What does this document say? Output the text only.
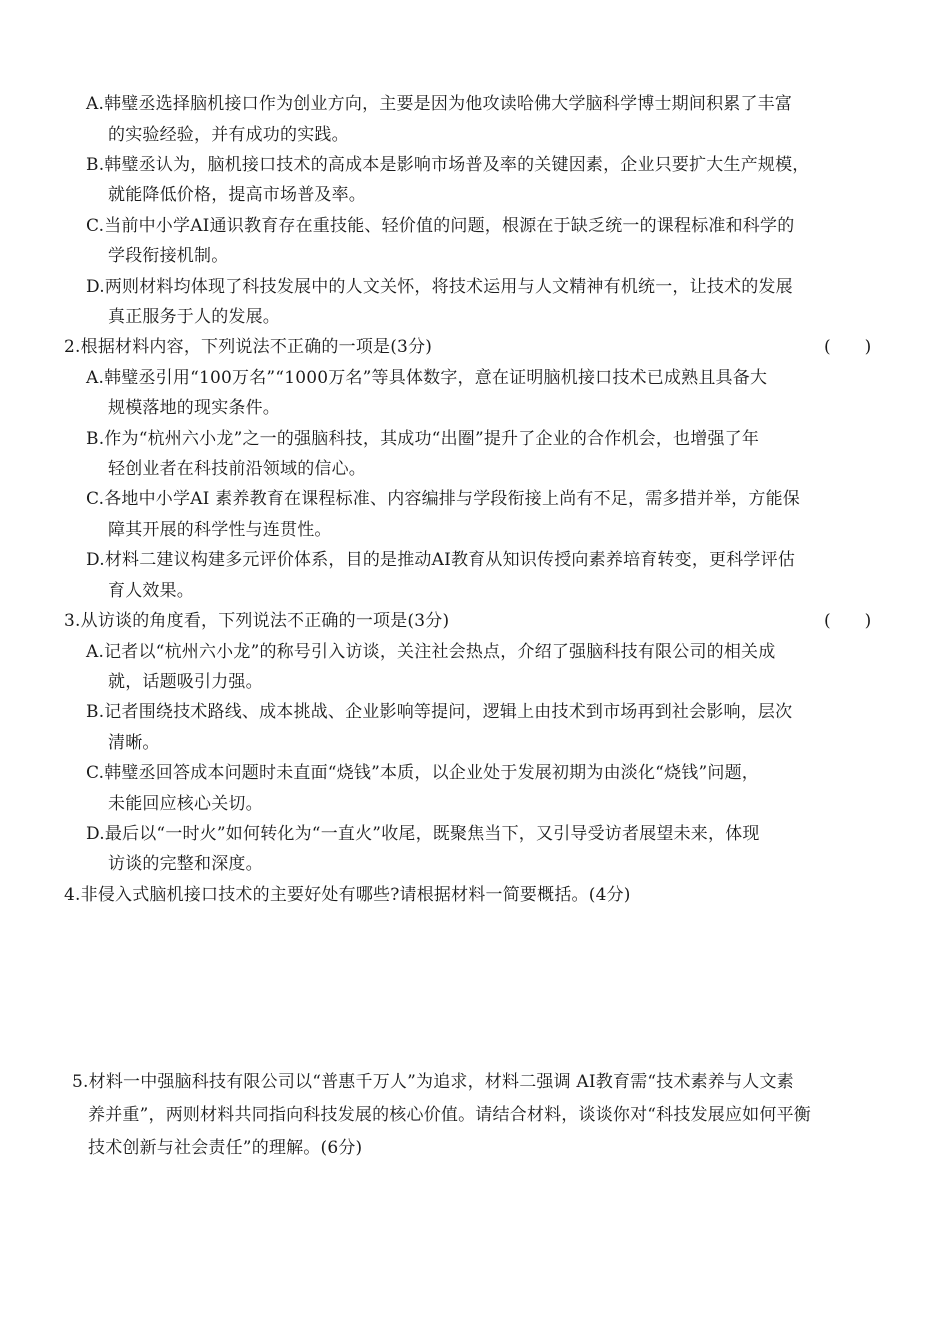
A.韩璧丞选择脑机接口作为创业方向，主要是因为他攻读哈佛大学脑科学博士期间积累了丰富
的实验经验，并有成功的实践。
B.韩璧丞认为，脑机接口技术的高成本是影响市场普及率的关键因素，企业只要扩大生产规模，
就能降低价格，提高市场普及率。
C.当前中小学AI通识教育存在重技能、轻价值的问题，根源在于缺乏统一的课程标准和科学的
学段衔接机制。
D.两则材料均体现了科技发展中的人文关怀，将技术运用与人文精神有机统一，让技术的发展
真正服务于人的发展。
2.根据材料内容，下列说法不正确的一项是(3分)	(　　)
A.韩璧丞引用“100万名”“1000万名”等具体数字，意在证明脑机接口技术已成熟且具备大
规模落地的现实条件。
B.作为“杭州六小龙”之一的强脑科技，其成功“出圈”提升了企业的合作机会，也增强了年
轻创业者在科技前沿领域的信心。
C.各地中小学AI 素养教育在课程标准、内容编排与学段衔接上尚有不足，需多措并举，方能保
障其开展的科学性与连贯性。
D.材料二建议构建多元评价体系，目的是推动AI教育从知识传授向素养培育转变，更科学评估
育人效果。
3.从访谈的角度看，下列说法不正确的一项是(3分)	(　　)
A.记者以“杭州六小龙”的称号引入访谈，关注社会热点，介绍了强脑科技有限公司的相关成
就，话题吸引力强。
B.记者围绕技术路线、成本挑战、企业影响等提问，逻辑上由技术到市场再到社会影响，层次
清晰。
C.韩璧丞回答成本问题时未直面“烧钱”本质，以企业处于发展初期为由淡化“烧钱”问题，
未能回应核心关切。
D.最后以“一时火”如何转化为“一直火”收尾，既聚焦当下，又引导受访者展望未来，体现
访谈的完整和深度。
4.非侵入式脑机接口技术的主要好处有哪些?请根据材料一简要概括。(4分)
5.材料一中强脑科技有限公司以“普惠千万人”为追求，材料二强调 AI教育需“技术素养与人文素
养并重”，两则材料共同指向科技发展的核心价值。请结合材料，谈谈你对“科技发展应如何平衡
技术创新与社会责任”的理解。(6分)
